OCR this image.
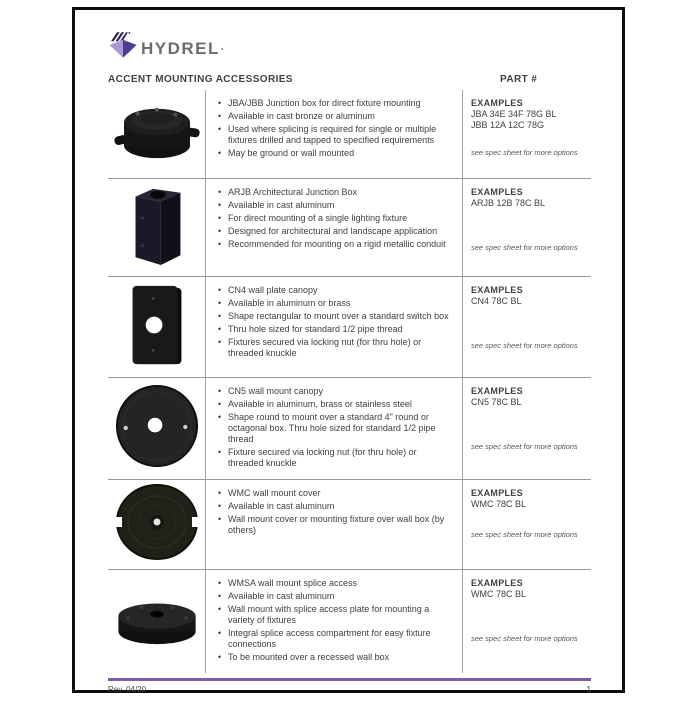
HYDREL
ACCENT MOUNTING ACCESSORIES	PART #
• JBA/JBB Junction box for direct fixture mounting
• Available in cast bronze or aluminum
• Used where splicing is required for single or multiple fixtures drilled and tapped to specified requirements
• May be ground or wall mounted
EXAMPLES
JBA 34E 34F 78G BL
JBB 12A 12C 78G
see spec sheet for more options
• ARJB Architectural Junction Box
• Available in cast aluminum
• For direct mounting of a single lighting fixture
• Designed for architectural and landscape application
• Recommended for mounting on a rigid metallic conduit
EXAMPLES
ARJB 12B 78C BL
see spec sheet for more options
• CN4 wall plate canopy
• Available in aluminum or brass
• Shape rectangular to mount over a standard switch box
• Thru hole sized for standard 1/2 pipe thread
• Fixtures secured via locking nut (for thru hole) or threaded knuckle
EXAMPLES
CN4 78C BL
see spec sheet for more options
• CN5 wall mount canopy
• Available in aluminum, brass or stainless steel
• Shape round to mount over a standard 4" round or octagonal box. Thru hole sized for standard 1/2 pipe thread
• Fixture secured via locking nut (for thru hole) or threaded knuckle
EXAMPLES
CN5 78C BL
see spec sheet for more options
• WMC wall mount cover
• Available in cast aluminum
• Wall mount cover or mounting fixture over wall box (by others)
EXAMPLES
WMC 78C BL
see spec sheet for more options
• WMSA wall mount splice access
• Available in cast aluminum
• Wall mount with splice access plate for mounting a variety of fixtures
• Integral splice access compartment for easy fixture connections
• To be mounted over a recessed wall box
EXAMPLES
WMC 78C BL
see spec sheet for more options
Rev. 04/20	1
